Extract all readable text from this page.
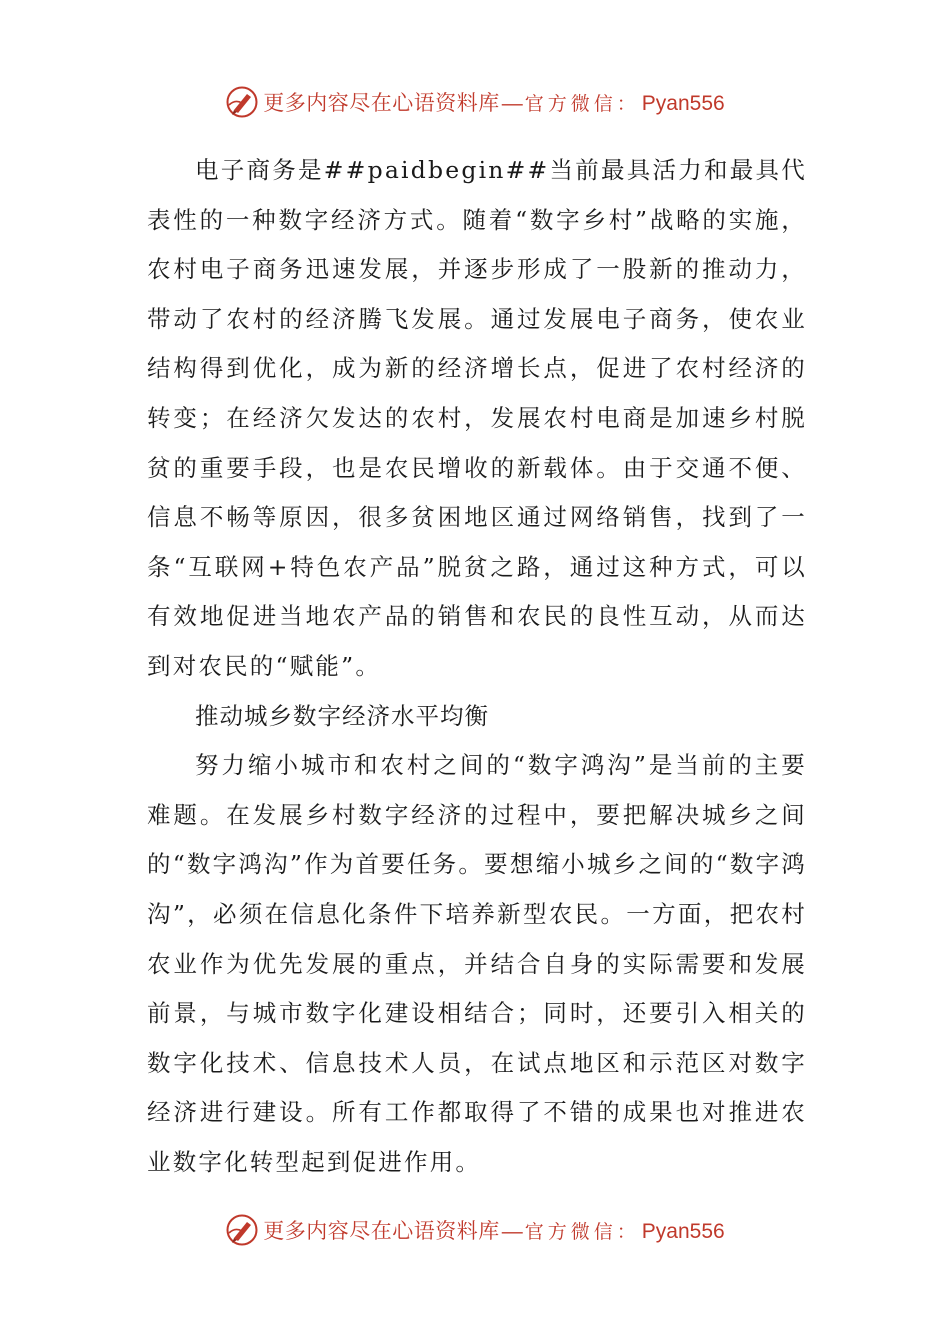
更多内容尽在心语资料库 — 官方微信： Pyan556

电子商务是##paidbegin##当前最具活力和最具代表性的一种数字经济方式。随着“数字乡村”战略的实施，农村电子商务迅速发展，并逐步形成了一股新的推动力，带动了农村的经济腾飞发展。通过发展电子商务，使农业结构得到优化，成为新的经济增长点，促进了农村经济的转变；在经济欠发达的农村，发展农村电商是加速乡村脱贫的重要手段，也是农民增收的新载体。由于交通不便、信息不畅等原因，很多贫困地区通过网络销售，找到了一条“互联网+特色农产品”脱贫之路，通过这种方式，可以有效地促进当地农产品的销售和农民的良性互动，从而达到对农民的“赋能”。

推动城乡数字经济水平均衡

努力缩小城市和农村之间的“数字鸿沟”是当前的主要难题。在发展乡村数字经济的过程中，要把解决城乡之间的“数字鸿沟”作为首要任务。要想缩小城乡之间的“数字鸿沟”，必须在信息化条件下培养新型农民。一方面，把农村农业作为优先发展的重点，并结合自身的实际需要和发展前景，与城市数字化建设相结合；同时，还要引入相关的数字化技术、信息技术人员，在试点地区和示范区对数字经济进行建设。所有工作都取得了不错的成果也对推进农业数字化转型起到促进作用。

更多内容尽在心语资料库 — 官方微信： Pyan556
